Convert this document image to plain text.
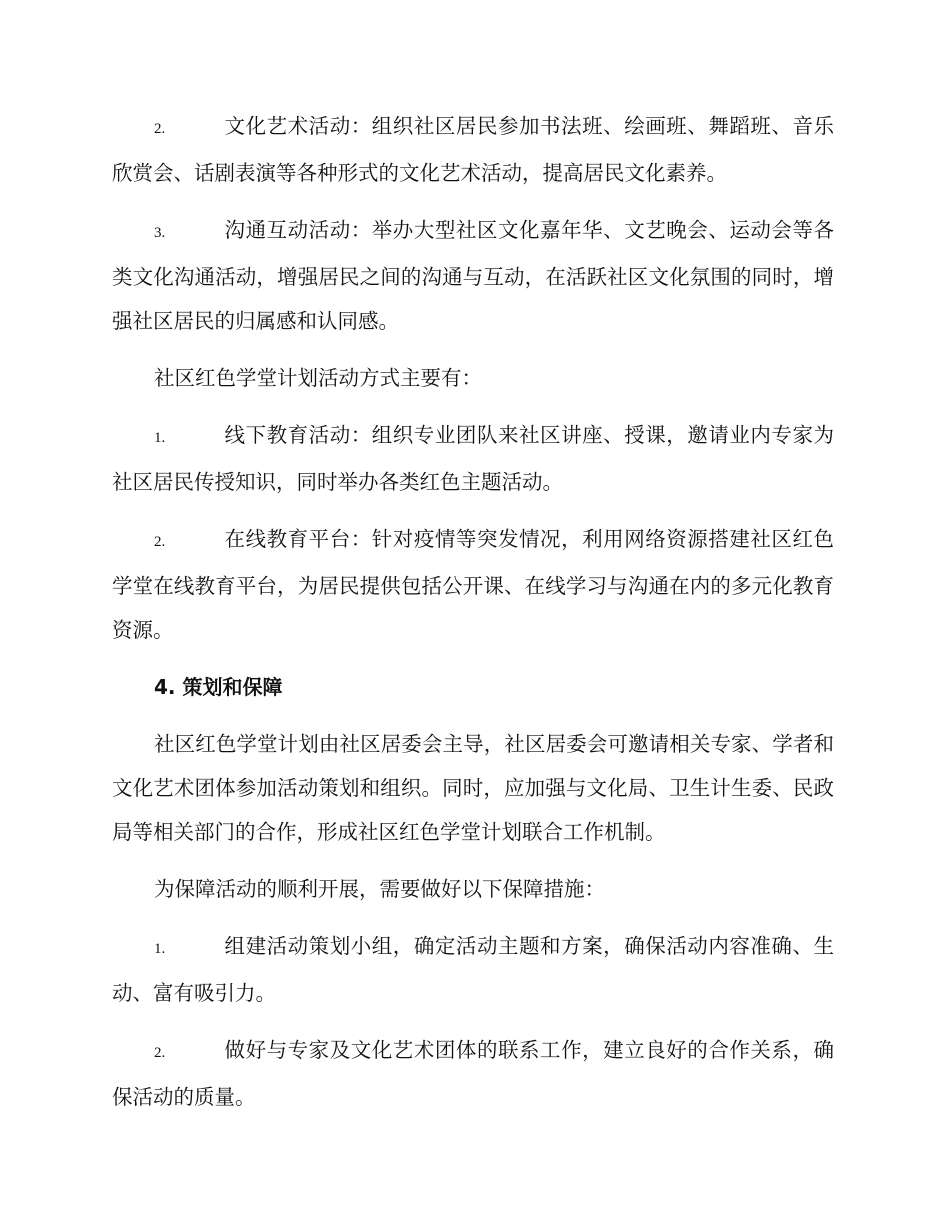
2.	文化艺术活动：组织社区居民参加书法班、绘画班、舞蹈班、音乐欣赏会、话剧表演等各种形式的文化艺术活动，提高居民文化素养。

3.	沟通互动活动：举办大型社区文化嘉年华、文艺晚会、运动会等各类文化沟通活动，增强居民之间的沟通与互动，在活跃社区文化氛围的同时，增强社区居民的归属感和认同感。

社区红色学堂计划活动方式主要有：

1.	线下教育活动：组织专业团队来社区讲座、授课，邀请业内专家为社区居民传授知识，同时举办各类红色主题活动。

2.	在线教育平台：针对疫情等突发情况，利用网络资源搭建社区红色学堂在线教育平台，为居民提供包括公开课、在线学习与沟通在内的多元化教育资源。

4. 策划和保障

社区红色学堂计划由社区居委会主导，社区居委会可邀请相关专家、学者和文化艺术团体参加活动策划和组织。同时，应加强与文化局、卫生计生委、民政局等相关部门的合作，形成社区红色学堂计划联合工作机制。

为保障活动的顺利开展，需要做好以下保障措施：

1.	组建活动策划小组，确定活动主题和方案，确保活动内容准确、生动、富有吸引力。

2.	做好与专家及文化艺术团体的联系工作，建立良好的合作关系，确保活动的质量。
